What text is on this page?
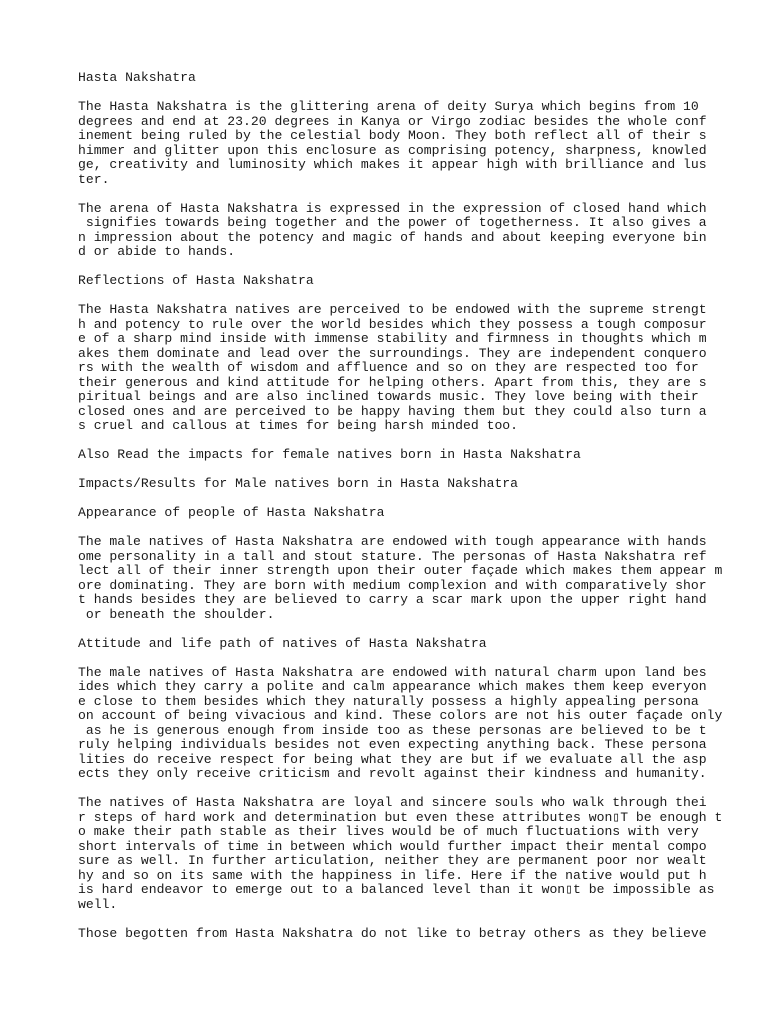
Hasta Nakshatra

The Hasta Nakshatra is the glittering arena of deity Surya which begins from 10
degrees and end at 23.20 degrees in Kanya or Virgo zodiac besides the whole conf
inement being ruled by the celestial body Moon. They both reflect all of their s
himmer and glitter upon this enclosure as comprising potency, sharpness, knowled
ge, creativity and luminosity which makes it appear high with brilliance and lus
ter.

The arena of Hasta Nakshatra is expressed in the expression of closed hand which
signifies towards being together and the power of togetherness. It also gives a
n impression about the potency and magic of hands and about keeping everyone bin
d or abide to hands.

Reflections of Hasta Nakshatra

The Hasta Nakshatra natives are perceived to be endowed with the supreme strengt
h and potency to rule over the world besides which they possess a tough composur
e of a sharp mind inside with immense stability and firmness in thoughts which m
akes them dominate and lead over the surroundings. They are independent conquero
rs with the wealth of wisdom and affluence and so on they are respected too for
their generous and kind attitude for helping others. Apart from this, they are s
piritual beings and are also inclined towards music. They love being with their
closed ones and are perceived to be happy having them but they could also turn a
s cruel and callous at times for being harsh minded too.

Also Read the impacts for female natives born in Hasta Nakshatra

Impacts/Results for Male natives born in Hasta Nakshatra

Appearance of people of Hasta Nakshatra

The male natives of Hasta Nakshatra are endowed with tough appearance with hands
ome personality in a tall and stout stature. The personas of Hasta Nakshatra ref
lect all of their inner strength upon their outer façade which makes them appear m
ore dominating. They are born with medium complexion and with comparatively shor
t hands besides they are believed to carry a scar mark upon the upper right hand
or beneath the shoulder.

Attitude and life path of natives of Hasta Nakshatra

The male natives of Hasta Nakshatra are endowed with natural charm upon land bes
ides which they carry a polite and calm appearance which makes them keep everyon
e close to them besides which they naturally possess a highly appealing persona
on account of being vivacious and kind. These colors are not his outer façade only
as he is generous enough from inside too as these personas are believed to be t
ruly helping individuals besides not even expecting anything back. These persona
lities do receive respect for being what they are but if we evaluate all the asp
ects they only receive criticism and revolt against their kindness and humanity.

The natives of Hasta Nakshatra are loyal and sincere souls who walk through thei
r steps of hard work and determination but even these attributes won▯T be enough t
o make their path stable as their lives would be of much fluctuations with very
short intervals of time in between which would further impact their mental compo
sure as well. In further articulation, neither they are permanent poor nor wealt
hy and so on its same with the happiness in life. Here if the native would put h
is hard endeavor to emerge out to a balanced level than it won▯t be impossible as
well.

Those begotten from Hasta Nakshatra do not like to betray others as they believe
